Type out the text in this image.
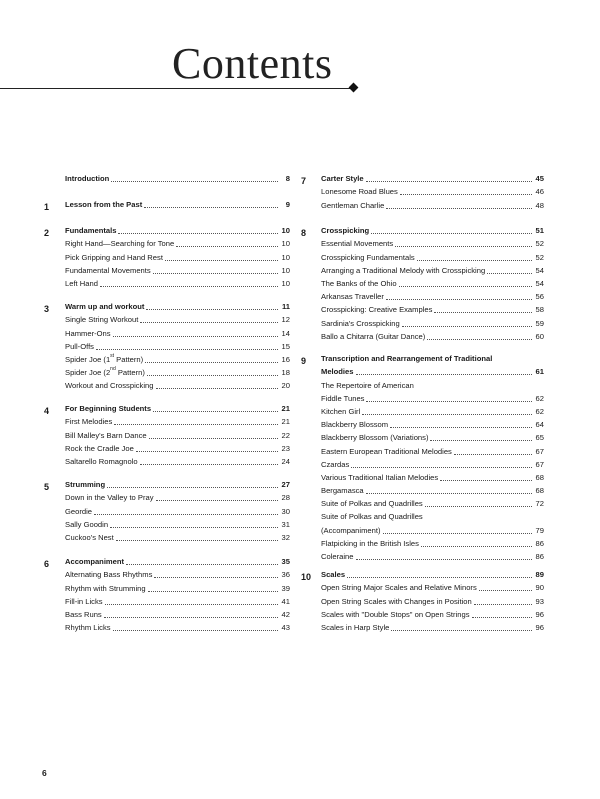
Contents
Introduction	8
1	Lesson from the Past	9
2	Fundamentals	10
Right Hand—Searching for Tone	10
Pick Gripping and Hand Rest	10
Fundamental Movements	10
Left Hand	10
3	Warm up and workout	11
Single String Workout	12
Hammer-Ons	14
Pull-Offs	15
Spider Joe (1st Pattern)	16
Spider Joe (2nd Pattern)	18
Workout and Crosspicking	20
4	For Beginning Students	21
First Melodies	21
Bill Malley's Barn Dance	22
Rock the Cradle Joe	23
Saltarello Romagnolo	24
5	Strumming	27
Down in the Valley to Pray	28
Geordie	30
Sally Goodin	31
Cuckoo's Nest	32
6	Accompaniment	35
Alternating Bass Rhythms	36
Rhythm with Strumming	39
Fill-in Licks	41
Bass Runs	42
Rhythm Licks	43
7	Carter Style	45
Lonesome Road Blues	46
Gentleman Charlie	48
8	Crosspicking	51
Essential Movements	52
Crosspicking Fundamentals	52
Arranging a Traditional Melody with Crosspicking	54
The Banks of the Ohio	54
Arkansas Traveller	56
Crosspicking: Creative Examples	58
Sardinia's Crosspicking	59
Ballo a Chitarra (Guitar Dance)	60
9	Transcription and Rearrangement of Traditional
Melodies	61
The Repertoire of American
Fiddle Tunes	62
Kitchen Girl	62
Blackberry Blossom	64
Blackberry Blossom (Variations)	65
Eastern European Traditional Melodies	67
Czardas	67
Various Traditional Italian Melodies	68
Bergamasca	68
Suite of Polkas and Quadrilles	72
Suite of Polkas and Quadrilles
(Accompaniment)	79
Flatpicking in the British Isles	86
Coleraine	86
10 Scales	89
Open String Major Scales and Relative Minors	90
Open String Scales with Changes in Position	93
Scales with "Double Stops" on Open Strings	96
Scales in Harp Style	96
6
